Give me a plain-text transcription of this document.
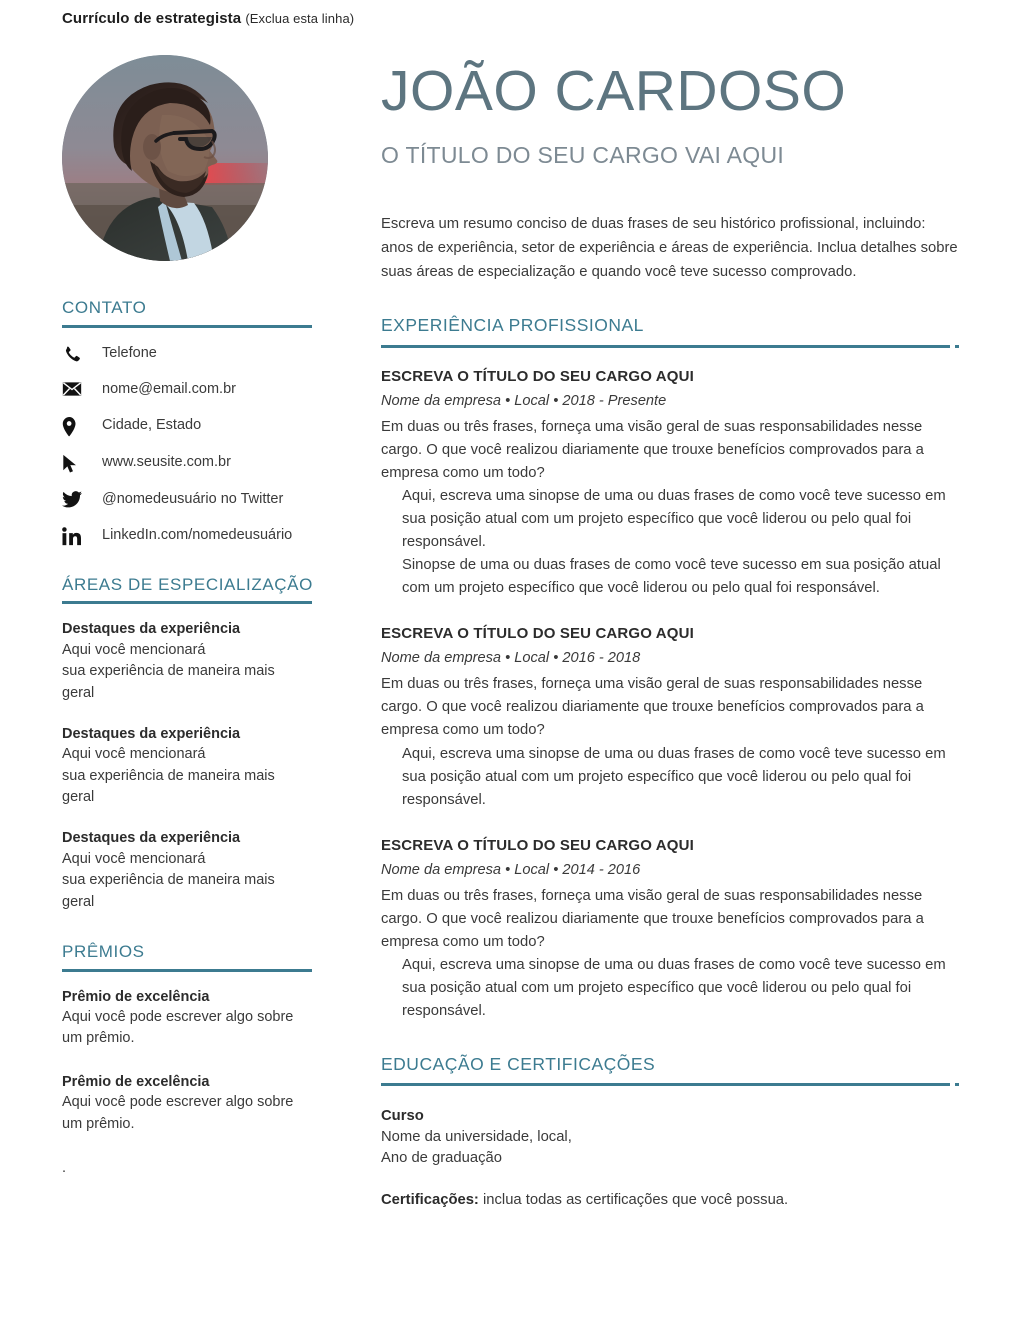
Currículo de estrategista (Exclua esta linha)
CONTATO
Telefone
nome@email.com.br
Cidade, Estado
www.seusite.com.br
@nomedeusuário no Twitter
LinkedIn.com/nomedeusuário
ÁREAS DE ESPECIALIZAÇÃO

Destaques da experiência

Aqui você mencionará

sua experiência de maneira mais

geral

Destaques da experiência

Aqui você mencionará

sua experiência de maneira mais

geral

Destaques da experiência

Aqui você mencionará

sua experiência de maneira mais

geral

PRÊMIOS

Prêmio de excelência

Aqui você pode escrever algo sobre

um prêmio.

Prêmio de excelência

Aqui você pode escrever algo sobre

um prêmio.

.

JOÃO CARDOSO
O TÍTULO DO SEU CARGO VAI AQUI

Escreva um resumo conciso de duas frases de seu histórico profissional, incluindo: anos de experiência, setor de experiência e áreas de experiência. Inclua detalhes sobre suas áreas de especialização e quando você teve sucesso comprovado.

EXPERIÊNCIA PROFISSIONAL

ESCREVA O TÍTULO DO SEU CARGO AQUI

Nome da empresa • Local • 2018 - Presente

Em duas ou três frases, forneça uma visão geral de suas responsabilidades nesse cargo. O que você realizou diariamente que trouxe benefícios comprovados para a empresa como um todo?

Aqui, escreva uma sinopse de uma ou duas frases de como você teve sucesso em sua posição atual com um projeto específico que você liderou ou pelo qual foi responsável.

Sinopse de uma ou duas frases de como você teve sucesso em sua posição atual com um projeto específico que você liderou ou pelo qual foi responsável.

ESCREVA O TÍTULO DO SEU CARGO AQUI

Nome da empresa • Local • 2016 - 2018

Em duas ou três frases, forneça uma visão geral de suas responsabilidades nesse cargo. O que você realizou diariamente que trouxe benefícios comprovados para a empresa como um todo?

Aqui, escreva uma sinopse de uma ou duas frases de como você teve sucesso em sua posição atual com um projeto específico que você liderou ou pelo qual foi responsável.

ESCREVA O TÍTULO DO SEU CARGO AQUI

Nome da empresa • Local • 2014 - 2016

Em duas ou três frases, forneça uma visão geral de suas responsabilidades nesse cargo. O que você realizou diariamente que trouxe benefícios comprovados para a empresa como um todo?

Aqui, escreva uma sinopse de uma ou duas frases de como você teve sucesso em sua posição atual com um projeto específico que você liderou ou pelo qual foi responsável.

EDUCAÇÃO E CERTIFICAÇÕES

Curso

Nome da universidade, local,

Ano de graduação

Certificações: inclua todas as certificações que você possua.
